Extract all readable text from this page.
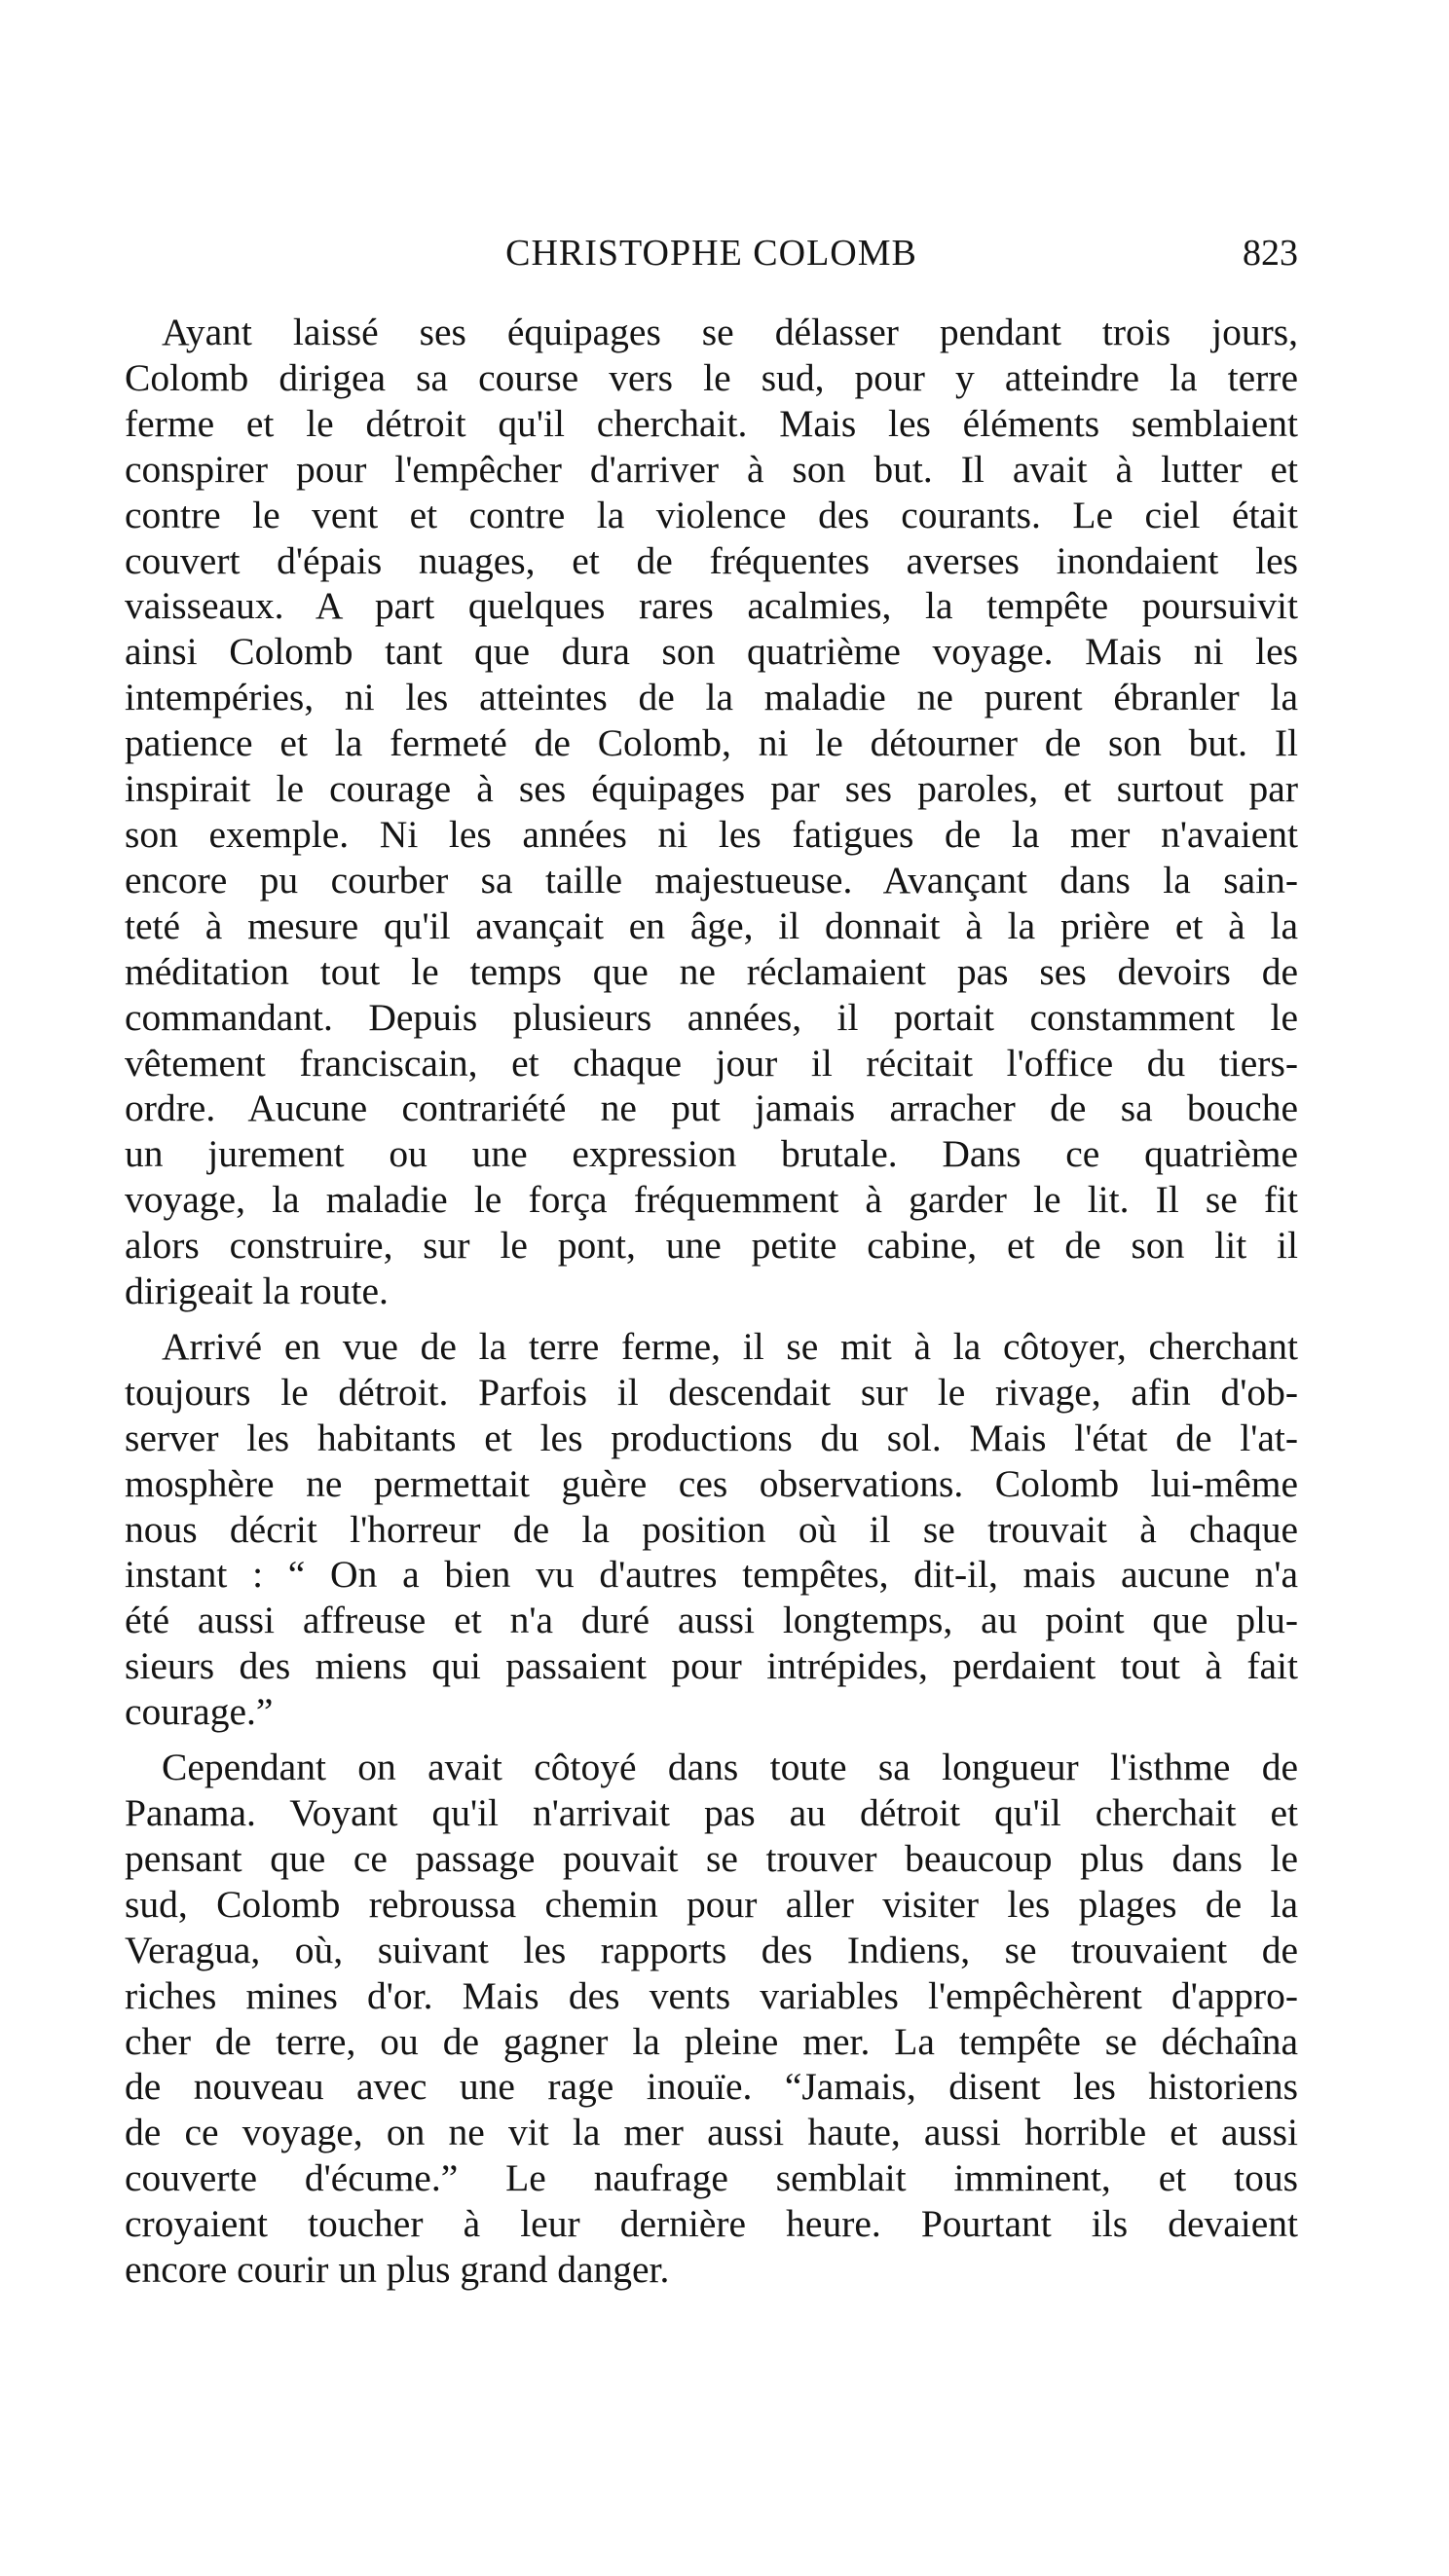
CHRISTOPHE COLOMB	823

Ayant laissé ses équipages se délasser pendant trois jours,
Colomb dirigea sa course vers le sud, pour y atteindre la terre
ferme et le détroit qu'il cherchait. Mais les éléments semblaient
conspirer pour l'empêcher d'arriver à son but. Il avait à lutter et
contre le vent et contre la violence des courants. Le ciel était
couvert d'épais nuages, et de fréquentes averses inondaient les
vaisseaux. A part quelques rares acalmies, la tempête poursuivit
ainsi Colomb tant que dura son quatrième voyage. Mais ni les
intempéries, ni les atteintes de la maladie ne purent ébranler la
patience et la fermeté de Colomb, ni le détourner de son but. Il
inspirait le courage à ses équipages par ses paroles, et surtout par
son exemple. Ni les années ni les fatigues de la mer n'avaient
encore pu courber sa taille majestueuse. Avançant dans la sain-
teté à mesure qu'il avançait en âge, il donnait à la prière et à la
méditation tout le temps que ne réclamaient pas ses devoirs de
commandant. Depuis plusieurs années, il portait constamment le
vêtement franciscain, et chaque jour il récitait l'office du tiers-
ordre. Aucune contrariété ne put jamais arracher de sa bouche
un jurement ou une expression brutale. Dans ce quatrième
voyage, la maladie le força fréquemment à garder le lit. Il se fit
alors construire, sur le pont, une petite cabine, et de son lit il
dirigeait la route.

Arrivé en vue de la terre ferme, il se mit à la côtoyer, cherchant
toujours le détroit. Parfois il descendait sur le rivage, afin d'ob-
server les habitants et les productions du sol. Mais l'état de l'at-
mosphère ne permettait guère ces observations. Colomb lui-même
nous décrit l'horreur de la position où il se trouvait à chaque
instant : “ On a bien vu d'autres tempêtes, dit-il, mais aucune n'a
été aussi affreuse et n'a duré aussi longtemps, au point que plu-
sieurs des miens qui passaient pour intrépides, perdaient tout à fait
courage.”

Cependant on avait côtoyé dans toute sa longueur l'isthme de
Panama. Voyant qu'il n'arrivait pas au détroit qu'il cherchait et
pensant que ce passage pouvait se trouver beaucoup plus dans le
sud, Colomb rebroussa chemin pour aller visiter les plages de la
Veragua, où, suivant les rapports des Indiens, se trouvaient de
riches mines d'or. Mais des vents variables l'empêchèrent d'appro-
cher de terre, ou de gagner la pleine mer. La tempête se déchaîna
de nouveau avec une rage inouïe. “Jamais, disent les historiens
de ce voyage, on ne vit la mer aussi haute, aussi horrible et aussi
couverte d'écume.” Le naufrage semblait imminent, et tous
croyaient toucher à leur dernière heure. Pourtant ils devaient
encore courir un plus grand danger.
